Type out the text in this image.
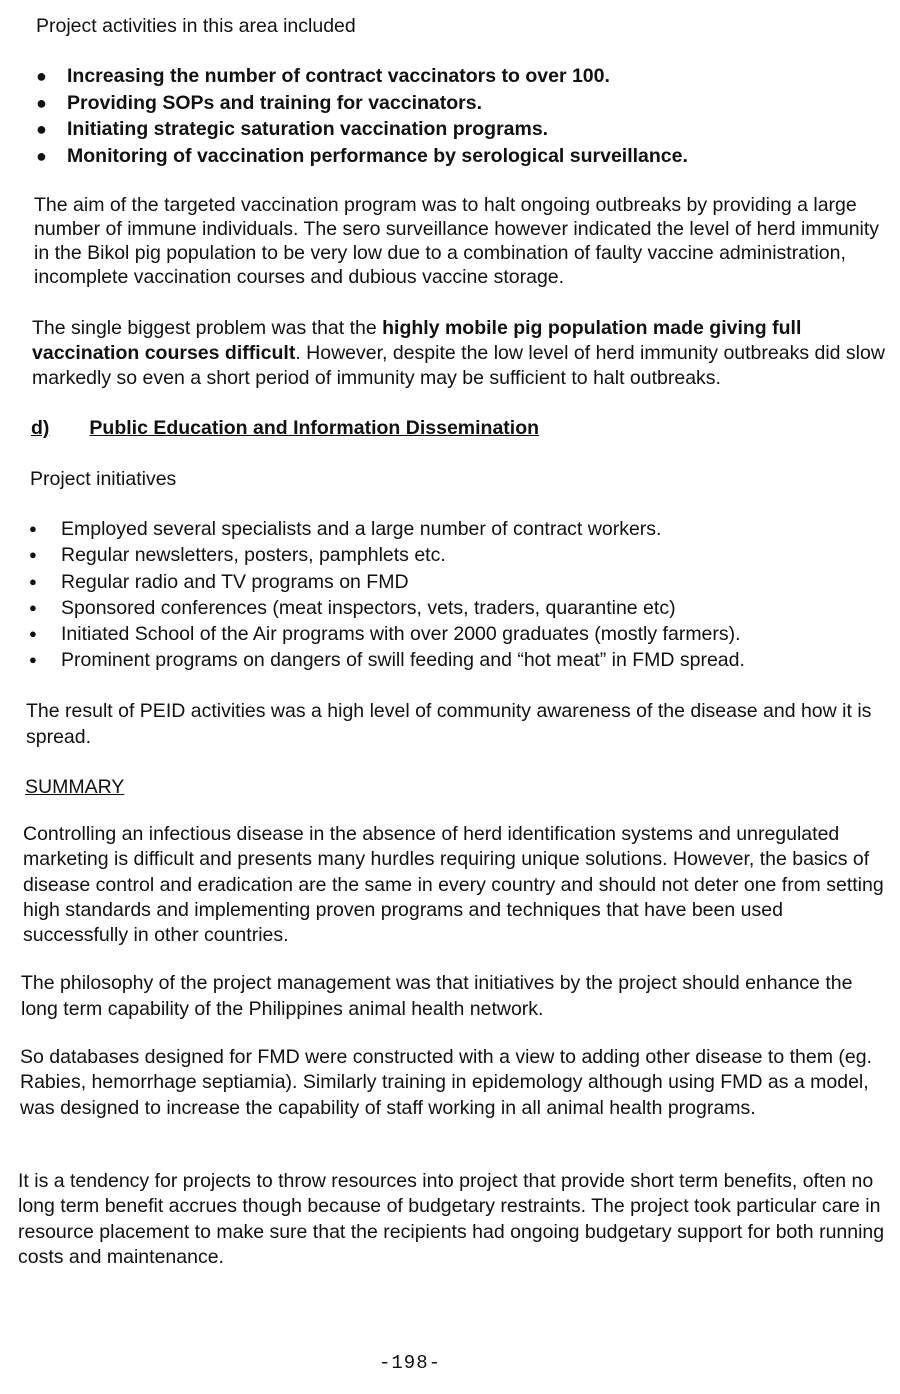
Project activities in this area included

● Increasing the number of contract vaccinators to over 100.
● Providing SOPs and training for vaccinators.
● Initiating strategic saturation vaccination programs.
● Monitoring of vaccination performance by serological surveillance.

The aim of the targeted vaccination program was to halt ongoing outbreaks by providing a large number of immune individuals. The sero surveillance however indicated the level of herd immunity in the Bikol pig population to be very low due to a combination of faulty vaccine administration, incomplete vaccination courses and dubious vaccine storage.

The single biggest problem was that the highly mobile pig population made giving full vaccination courses difficult. However, despite the low level of herd immunity outbreaks did slow markedly so even a short period of immunity may be sufficient to halt outbreaks.

d) Public Education and Information Dissemination

Project initiatives

● Employed several specialists and a large number of contract workers.
● Regular newsletters, posters, pamphlets etc.
● Regular radio and TV programs on FMD
● Sponsored conferences (meat inspectors, vets, traders, quarantine etc)
● Initiated School of the Air programs with over 2000 graduates (mostly farmers).
● Prominent programs on dangers of swill feeding and “hot meat” in FMD spread.

The result of PEID activities was a high level of community awareness of the disease and how it is spread.

SUMMARY

Controlling an infectious disease in the absence of herd identification systems and unregulated marketing is difficult and presents many hurdles requiring unique solutions. However, the basics of disease control and eradication are the same in every country and should not deter one from setting high standards and implementing proven programs and techniques that have been used successfully in other countries.

The philosophy of the project management was that initiatives by the project should enhance the long term capability of the Philippines animal health network.

So databases designed for FMD were constructed with a view to adding other disease to them (eg. Rabies, hemorrhage septiamia). Similarly training in epidemology although using FMD as a model, was designed to increase the capability of staff working in all animal health programs.

It is a tendency for projects to throw resources into project that provide short term benefits, often no long term benefit accrues though because of budgetary restraints. The project took particular care in resource placement to make sure that the recipients had ongoing budgetary support for both running costs and maintenance.

-198-
